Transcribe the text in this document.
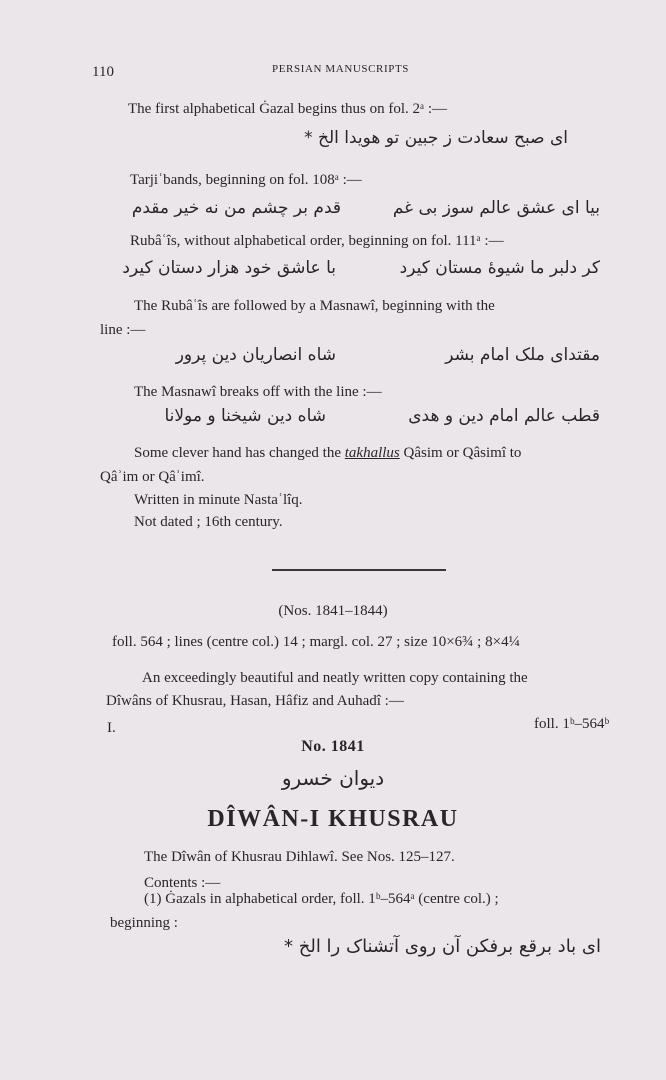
110	PERSIAN MANUSCRIPTS
The first alphabetical Ġazal begins thus on fol. 2ᵃ :—
ای صبح سعادت ز جبین تو هویدا الخ *
Tarjiʿbands, beginning on fol. 108ᵃ :—
بیا ای عشق عالم سوز بی غم
قدم بر چشم من نه خیر مقدم
Rubâʿîs, without alphabetical order, beginning on fol. 111ᵃ :—
کر دلبر ما شیوهٔ مستان کیرد
با عاشق خود هزار دستان کیرد
The Rubâʿîs are followed by a Masnawî, beginning with the
line :—
مقتدای ملک امام بشر
شاه انصاریان دین پرور
The Masnawî breaks off with the line :—
قطب عالم امام دین و هدی
شاه دین شیخنا و مولانا
Some clever hand has changed the takhallus Qâsim or Qâsimî to
Qâʾim or Qâʾimî.
Written in minute Nastaʿlîq.
Not dated ; 16th century.
(Nos. 1841–1844)
foll. 564 ; lines (centre col.) 14 ; margl. col. 27 ; size 10×6¾ ; 8×4¼
An exceedingly beautiful and neatly written copy containing the
Dîwâns of Khusrau, Hasan, Hâfiz and Auhadî :—
I.	foll. 1ᵇ–564ᵇ
No. 1841
دیوان خسرو
DÎWÂN-I KHUSRAU
The Dîwân of Khusrau Dihlawî. See Nos. 125–127.
Contents :—
(1) Ġazals in alphabetical order, foll. 1ᵇ–564ᵃ (centre col.) ;
beginning :
ای باد برقع برفکن آن روی آتشناک را الخ *
